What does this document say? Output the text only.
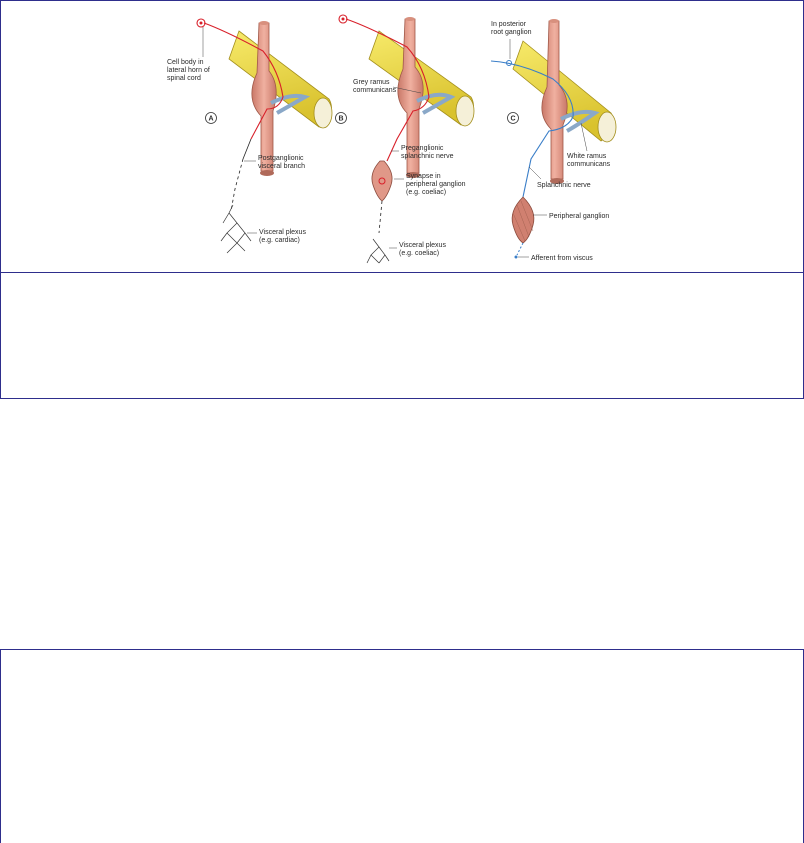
Cell body in
lateral horn of
spinal cord
A
Postganglionic
visceral branch
Visceral plexus
(e.g. cardiac)
Grey ramus
communicans
B
Preganglionic
splanchnic nerve
Synapse in
peripheral ganglion
(e.g. coeliac)
Visceral plexus
(e.g. coeliac)
In posterior
root ganglion
C
White ramus
communicans
Splanchnic nerve
Peripheral ganglion
Afferent from viscus
